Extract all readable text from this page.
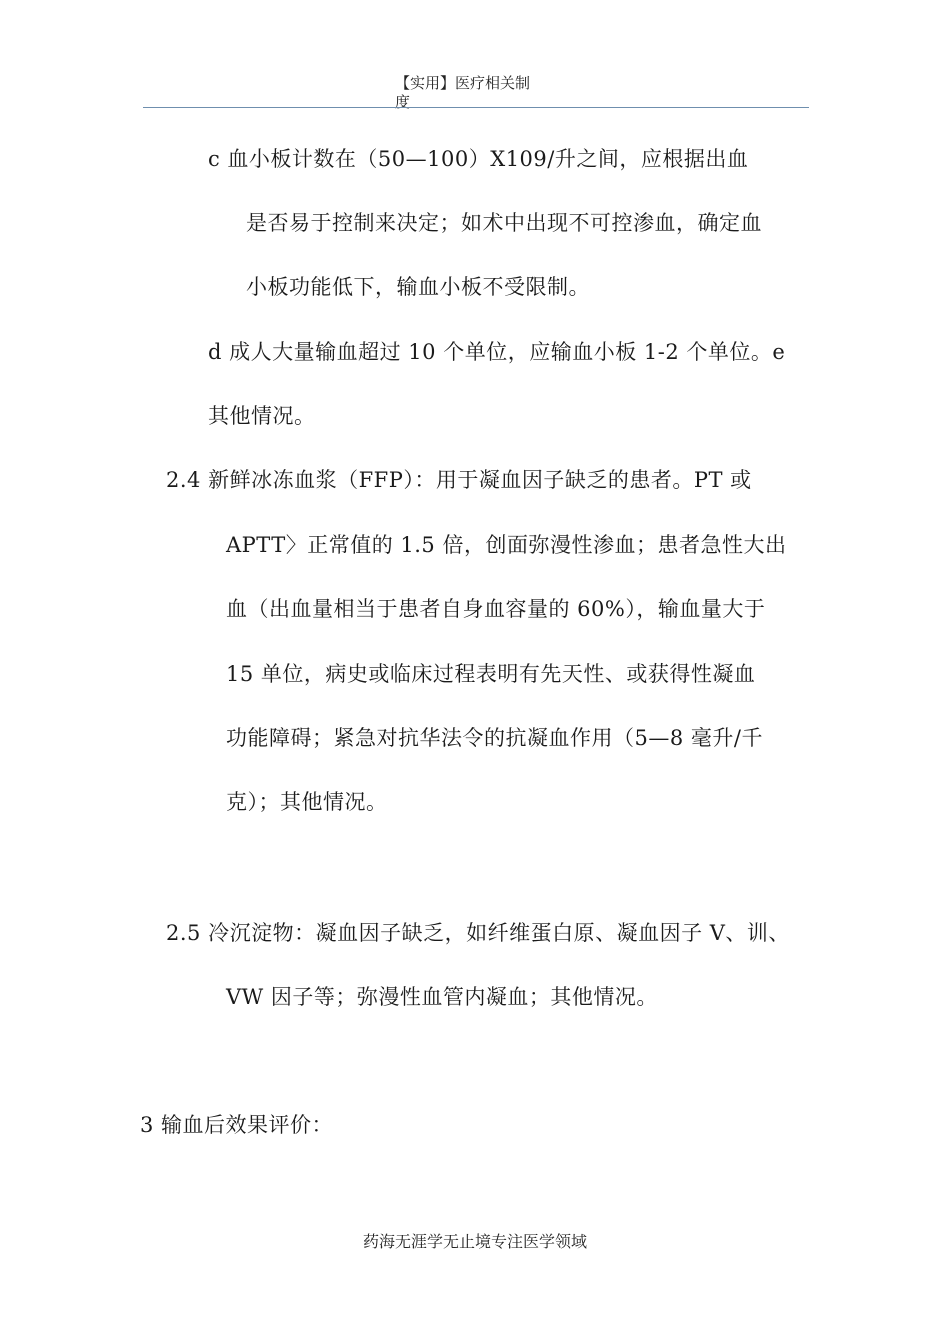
【实用】医疗相关制
度
c 血小板计数在（50—100）X109/升之间，应根据出血
是否易于控制来决定；如术中出现不可控渗血，确定血
小板功能低下，输血小板不受限制。
d 成人大量输血超过 10 个单位，应输血小板 1-2 个单位。e
其他情况。
2.4 新鲜冰冻血浆（FFP）：用于凝血因子缺乏的患者。PT 或
APTT〉正常值的 1.5 倍，创面弥漫性渗血；患者急性大出
血（出血量相当于患者自身血容量的 60%），输血量大于
15 单位，病史或临床过程表明有先天性、或获得性凝血
功能障碍；紧急对抗华法令的抗凝血作用（5—8 毫升/千
克）；其他情况。
2.5 冷沉淀物：凝血因子缺乏，如纤维蛋白原、凝血因子 V、训、
VW 因子等；弥漫性血管内凝血；其他情况。
3 输血后效果评价：
药海无涯学无止境专注医学领域
